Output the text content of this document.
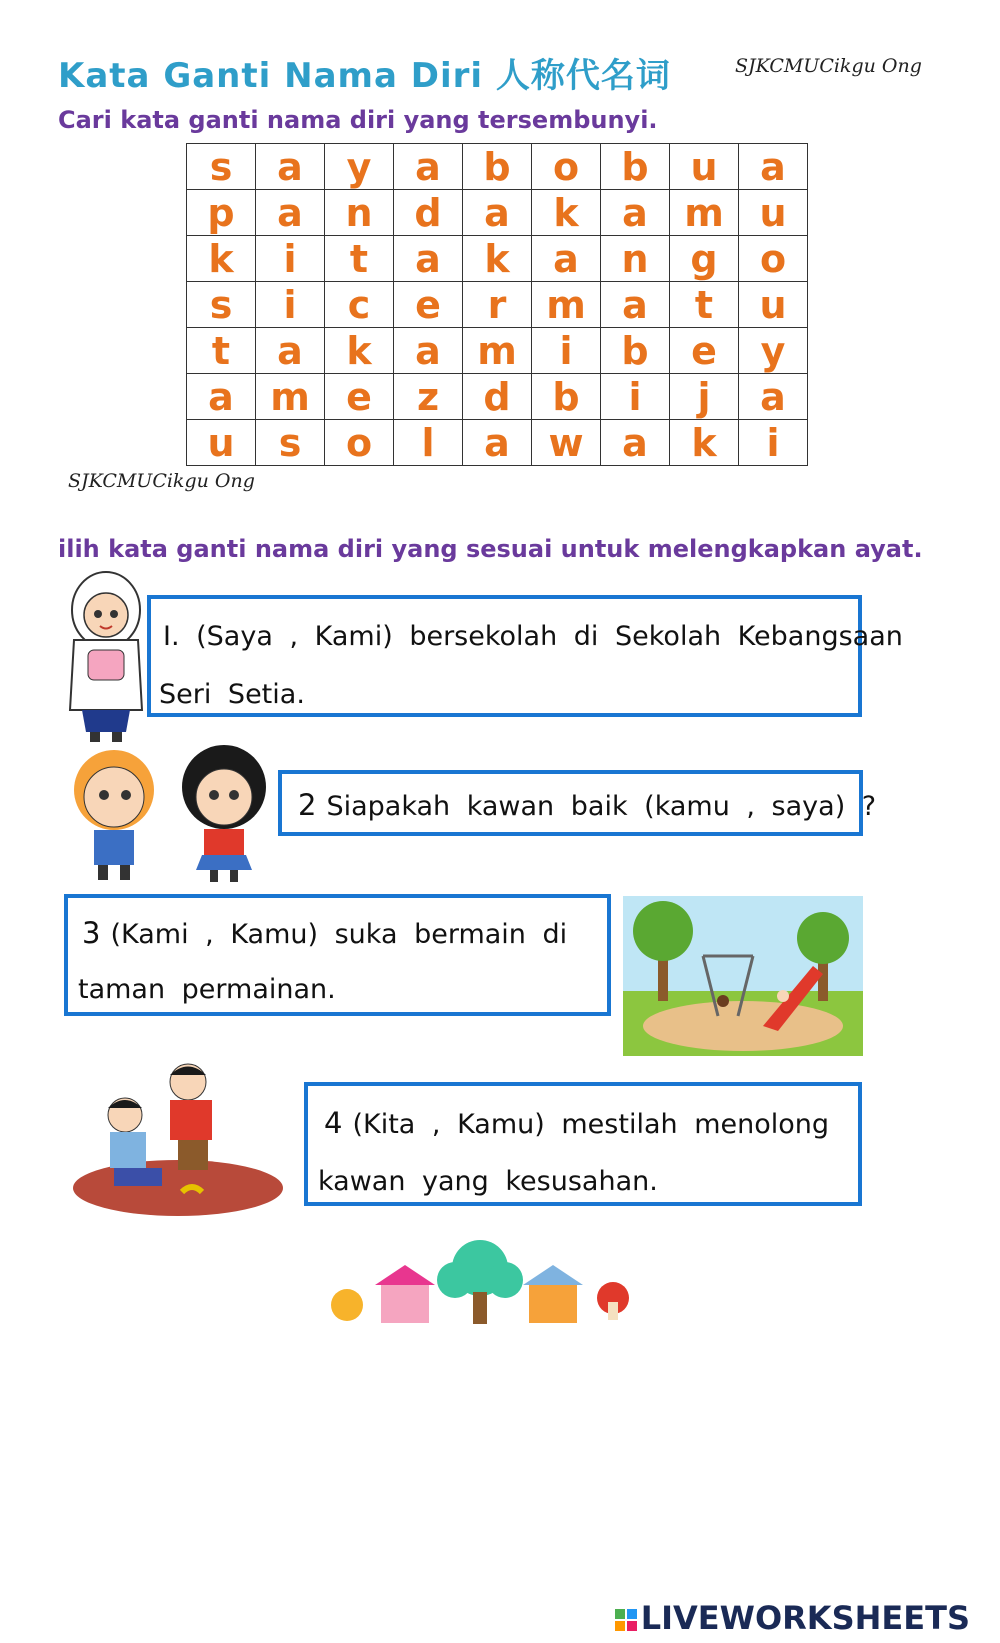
Kata Ganti Nama Diri 人称代名词	SJKCMUCikgu Ong
Cari kata ganti nama diri yang tersembunyi.
s	a	y	a	b	o	b	u	a
p	a	n	d	a	k	a	m	u
k	i	t	a	k	a	n	g	o
s	i	c	e	r	m	a	t	u
t	a	k	a	m	i	b	e	y
a	m	e	z	d	b	i	j	a
u	s	o	l	a	w	a	k	i
SJKCMUCikgu Ong
ilih kata ganti nama diri yang sesuai untuk melengkapkan ayat.
I. (Saya , Kami) bersekolah di Sekolah Kebangsaan
Seri Setia.
2 Siapakah kawan baik (kamu , saya) ?
3 (Kami , Kamu) suka bermain di
taman permainan.
4 (Kita , Kamu) mestilah menolong
kawan yang kesusahan.
LIVEWORKSHEETS
